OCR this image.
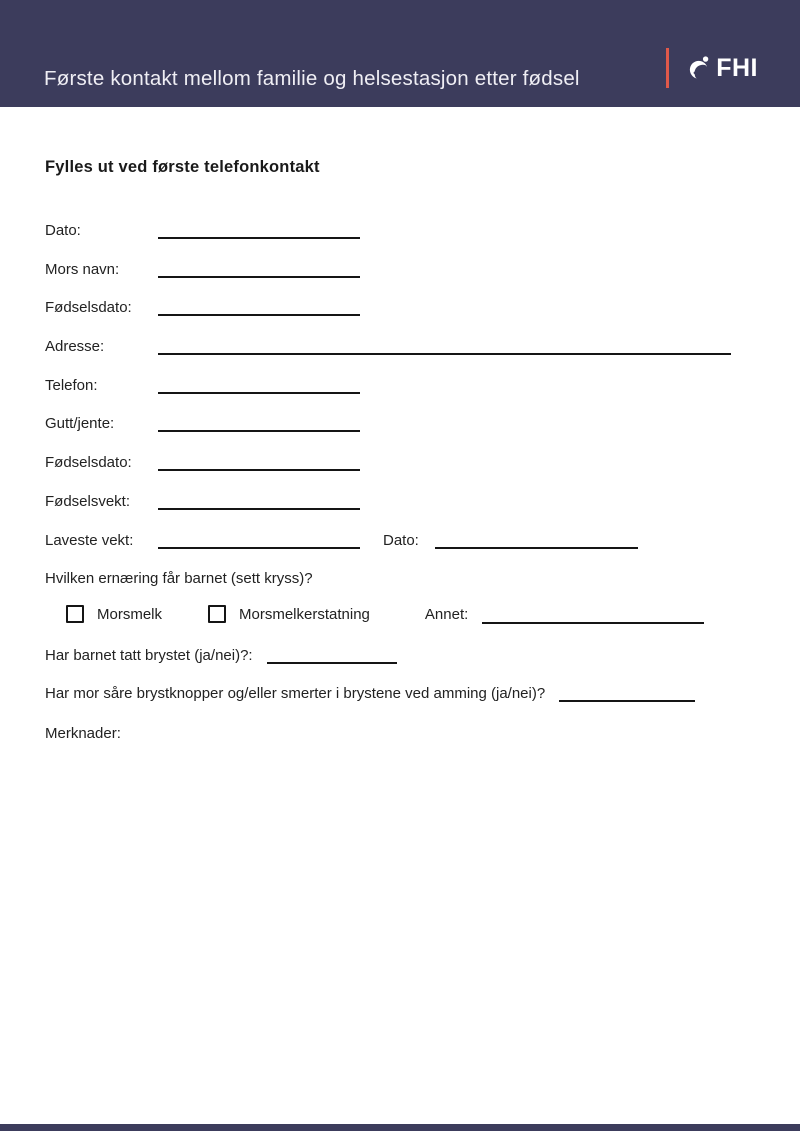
Første kontakt mellom familie og helsestasjon etter fødsel	FHI
Fylles ut ved første telefonkontakt
Dato:
Mors navn:
Fødselsdato:
Adresse:
Telefon:
Gutt/jente:
Fødselsdato:
Fødselsvekt:
Laveste vekt:	Dato:

Hvilken ernæring får barnet (sett kryss)?

Morsmelk	Morsmelkerstatning	Annet:
Har barnet tatt brystet (ja/nei)?:
Har mor såre brystknopper og/eller smerter i brystene ved amming (ja/nei)?

Merknader:
